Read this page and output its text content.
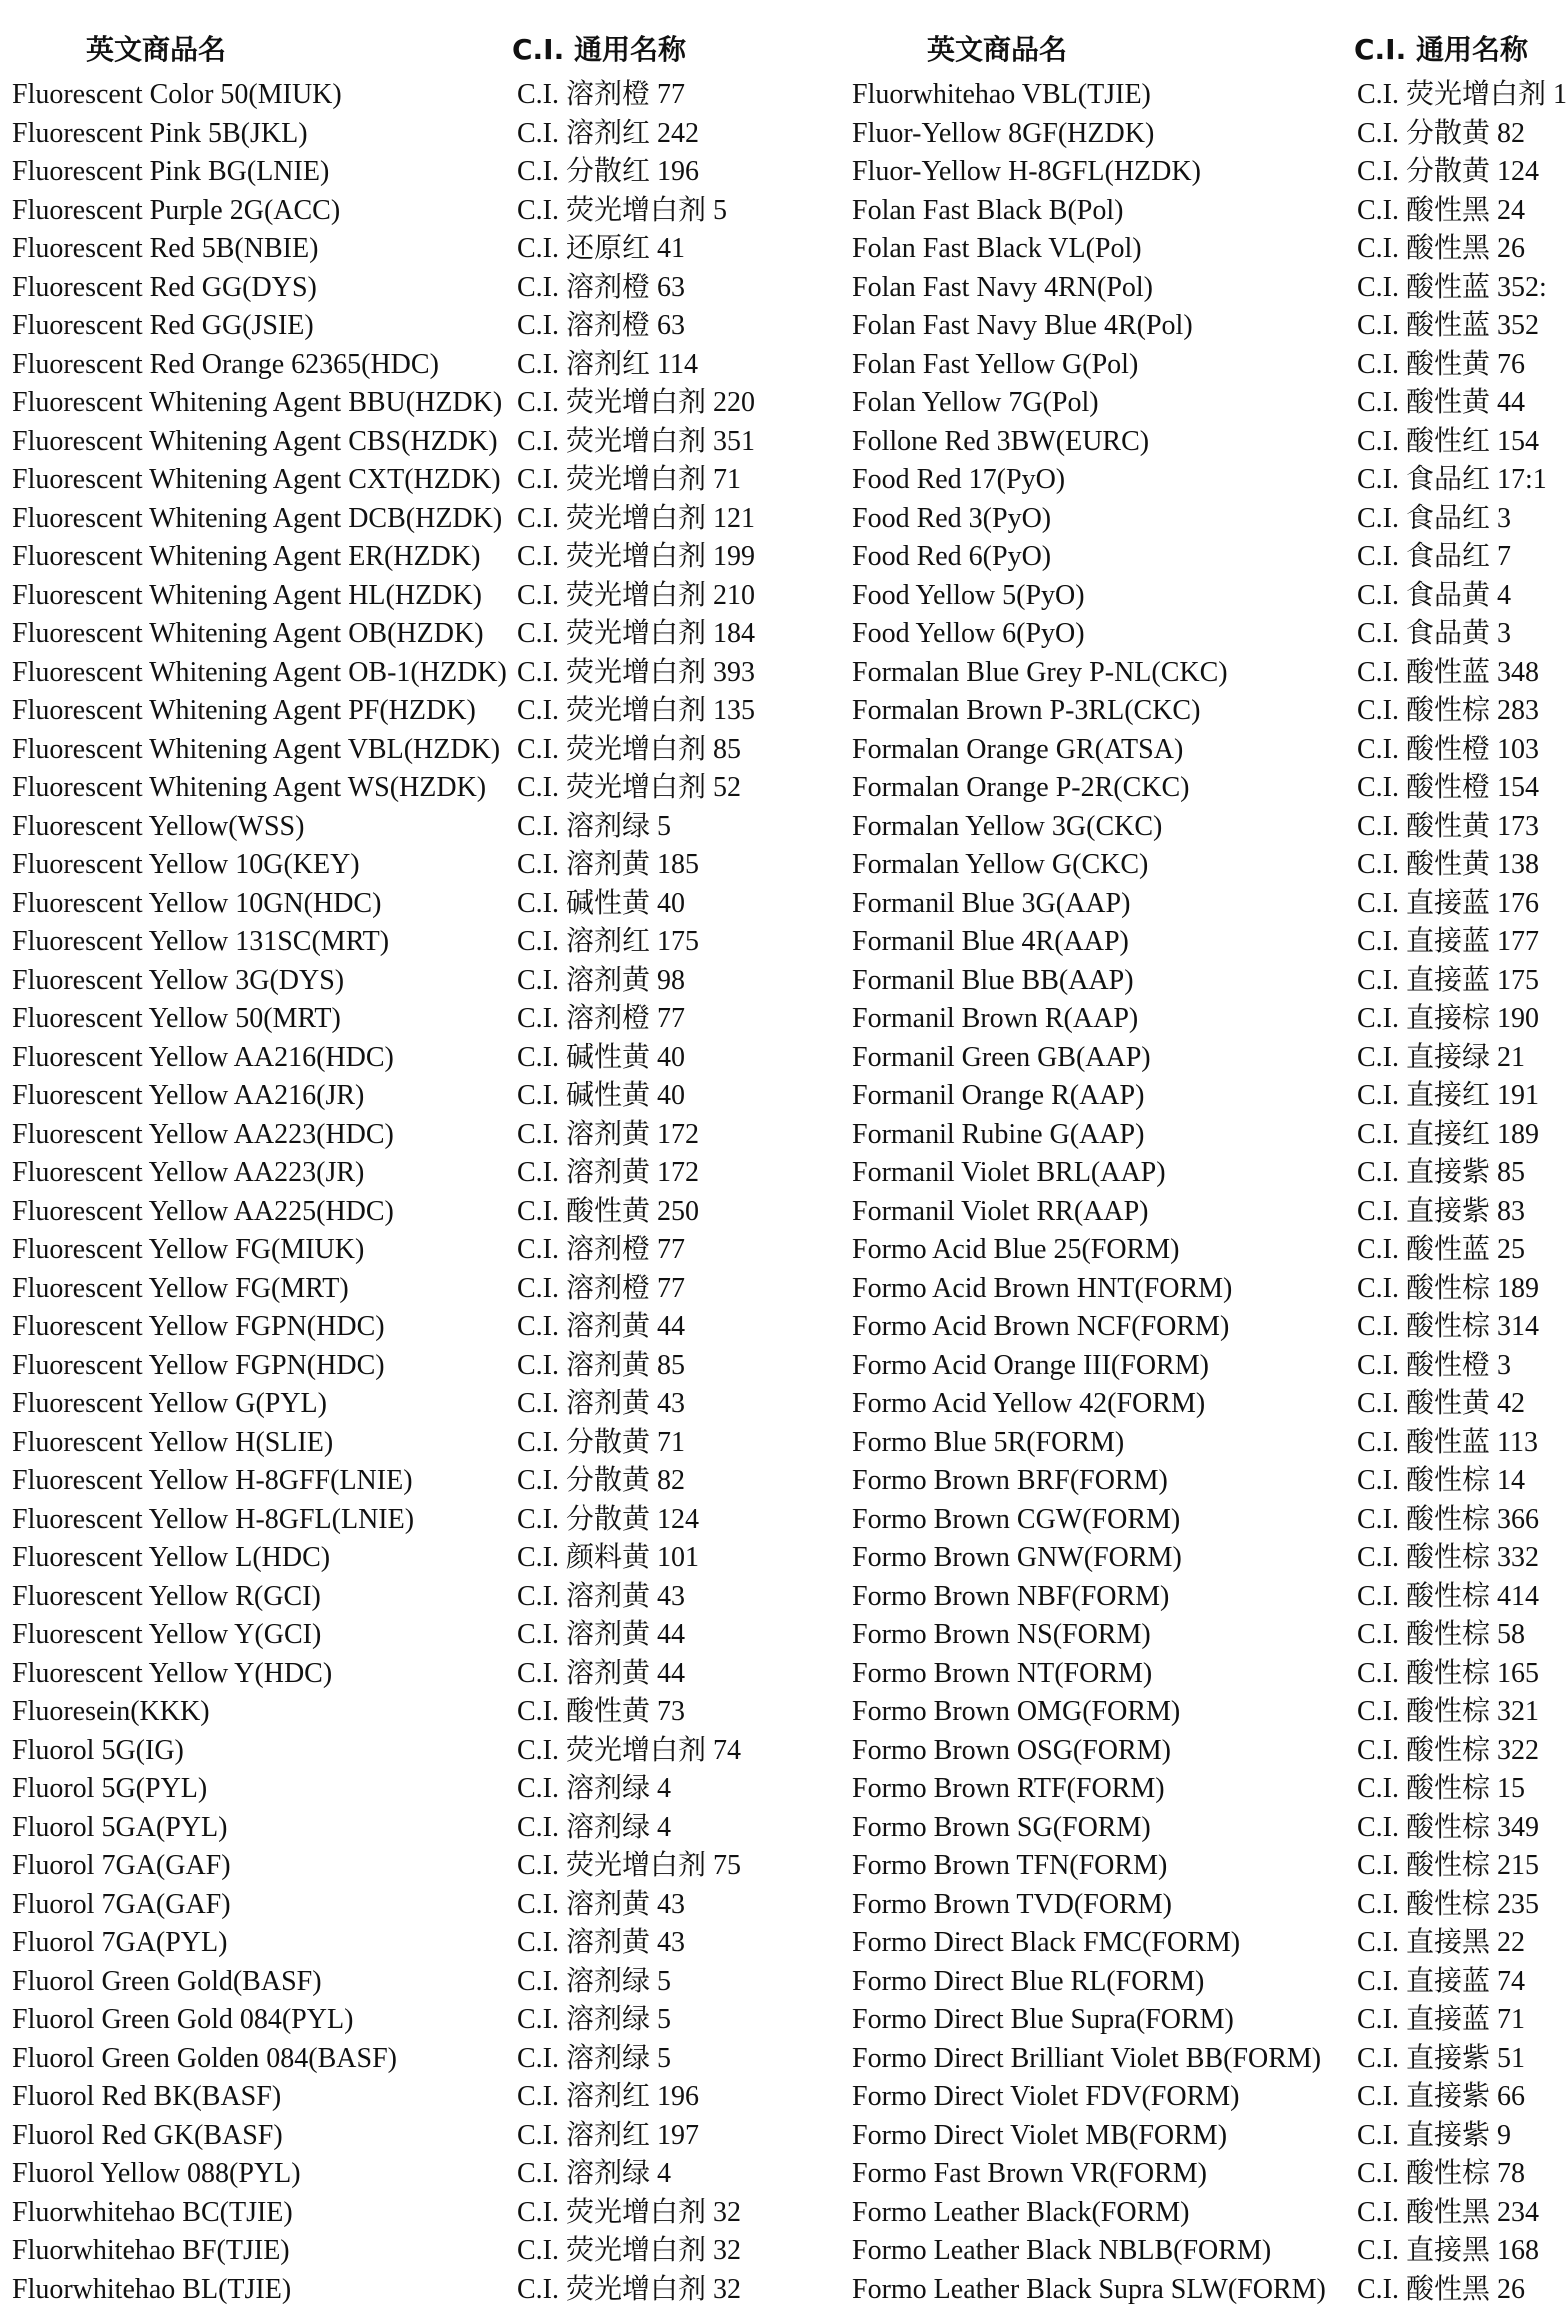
英文商品名	C.I. 通用名称
Fluorescent Color 50(MIUK)	C.I. 溶剂橙 77
Fluorescent Pink 5B(JKL)	C.I. 溶剂红 242
Fluorescent Pink BG(LNIE)	C.I. 分散红 196
Fluorescent Purple 2G(ACC)	C.I. 荧光增白剂 5
Fluorescent Red 5B(NBIE)	C.I. 还原红 41
Fluorescent Red GG(DYS)	C.I. 溶剂橙 63
Fluorescent Red GG(JSIE)	C.I. 溶剂橙 63
Fluorescent Red Orange 62365(HDC)	C.I. 溶剂红 114
Fluorescent Whitening Agent BBU(HZDK) C.I. 荧光增白剂 220
Fluorescent Whitening Agent CBS(HZDK) C.I. 荧光增白剂 351
Fluorescent Whitening Agent CXT(HZDK) C.I. 荧光增白剂 71
Fluorescent Whitening Agent DCB(HZDK) C.I. 荧光增白剂 121
Fluorescent Whitening Agent ER(HZDK) C.I. 荧光增白剂 199
Fluorescent Whitening Agent HL(HZDK) C.I. 荧光增白剂 210
Fluorescent Whitening Agent OB(HZDK) C.I. 荧光增白剂 184
Fluorescent Whitening Agent OB-1(HZDK) C.I. 荧光增白剂 393
Fluorescent Whitening Agent PF(HZDK) C.I. 荧光增白剂 135
Fluorescent Whitening Agent VBL(HZDK) C.I. 荧光增白剂 85
Fluorescent Whitening Agent WS(HZDK) C.I. 荧光增白剂 52
Fluorescent Yellow(WSS)	C.I. 溶剂绿 5
Fluorescent Yellow 10G(KEY)	C.I. 溶剂黄 185
Fluorescent Yellow 10GN(HDC)	C.I. 碱性黄 40
Fluorescent Yellow 131SC(MRT)	C.I. 溶剂红 175
Fluorescent Yellow 3G(DYS)	C.I. 溶剂黄 98
Fluorescent Yellow 50(MRT)	C.I. 溶剂橙 77
Fluorescent Yellow AA216(HDC)	C.I. 碱性黄 40
Fluorescent Yellow AA216(JR)	C.I. 碱性黄 40
Fluorescent Yellow AA223(HDC)	C.I. 溶剂黄 172
Fluorescent Yellow AA223(JR)	C.I. 溶剂黄 172
Fluorescent Yellow AA225(HDC)	C.I. 酸性黄 250
Fluorescent Yellow FG(MIUK)	C.I. 溶剂橙 77
Fluorescent Yellow FG(MRT)	C.I. 溶剂橙 77
Fluorescent Yellow FGPN(HDC)	C.I. 溶剂黄 44
Fluorescent Yellow FGPN(HDC)	C.I. 溶剂黄 85
Fluorescent Yellow G(PYL)	C.I. 溶剂黄 43
Fluorescent Yellow H(SLIE)	C.I. 分散黄 71
Fluorescent Yellow H-8GFF(LNIE)	C.I. 分散黄 82
Fluorescent Yellow H-8GFL(LNIE)	C.I. 分散黄 124
Fluorescent Yellow L(HDC)	C.I. 颜料黄 101
Fluorescent Yellow R(GCI)	C.I. 溶剂黄 43
Fluorescent Yellow Y(GCI)	C.I. 溶剂黄 44
Fluorescent Yellow Y(HDC)	C.I. 溶剂黄 44
Fluoresein(KKK)	C.I. 酸性黄 73
Fluorol 5G(IG)	C.I. 荧光增白剂 74
Fluorol 5G(PYL)	C.I. 溶剂绿 4
Fluorol 5GA(PYL)	C.I. 溶剂绿 4
Fluorol 7GA(GAF)	C.I. 荧光增白剂 75
Fluorol 7GA(GAF)	C.I. 溶剂黄 43
Fluorol 7GA(PYL)	C.I. 溶剂黄 43
Fluorol Green Gold(BASF)	C.I. 溶剂绿 5
Fluorol Green Gold 084(PYL)	C.I. 溶剂绿 5
Fluorol Green Golden 084(BASF)	C.I. 溶剂绿 5
Fluorol Red BK(BASF)	C.I. 溶剂红 196
Fluorol Red GK(BASF)	C.I. 溶剂红 197
Fluorol Yellow 088(PYL)	C.I. 溶剂绿 4
Fluorwhitehao BC(TJIE)	C.I. 荧光增白剂 32
Fluorwhitehao BF(TJIE)	C.I. 荧光增白剂 32
Fluorwhitehao BL(TJIE)	C.I. 荧光增白剂 32
英文商品名	C.I. 通用名称
Fluorwhitehao VBL(TJIE)	C.I. 荧光增白剂 1
Fluor-Yellow 8GF(HZDK)	C.I. 分散黄 82
Fluor-Yellow H-8GFL(HZDK)	C.I. 分散黄 124
Folan Fast Black B(Pol)	C.I. 酸性黑 24
Folan Fast Black VL(Pol)	C.I. 酸性黑 26
Folan Fast Navy 4RN(Pol)	C.I. 酸性蓝 352:
Folan Fast Navy Blue 4R(Pol)	C.I. 酸性蓝 352
Folan Fast Yellow G(Pol)	C.I. 酸性黄 76
Folan Yellow 7G(Pol)	C.I. 酸性黄 44
Follone Red 3BW(EURC)	C.I. 酸性红 154
Food Red 17(PyO)	C.I. 食品红 17:1
Food Red 3(PyO)	C.I. 食品红 3
Food Red 6(PyO)	C.I. 食品红 7
Food Yellow 5(PyO)	C.I. 食品黄 4
Food Yellow 6(PyO)	C.I. 食品黄 3
Formalan Blue Grey P-NL(CKC)	C.I. 酸性蓝 348
Formalan Brown P-3RL(CKC)	C.I. 酸性棕 283
Formalan Orange GR(ATSA)	C.I. 酸性橙 103
Formalan Orange P-2R(CKC)	C.I. 酸性橙 154
Formalan Yellow 3G(CKC)	C.I. 酸性黄 173
Formalan Yellow G(CKC)	C.I. 酸性黄 138
Formanil Blue 3G(AAP)	C.I. 直接蓝 176
Formanil Blue 4R(AAP)	C.I. 直接蓝 177
Formanil Blue BB(AAP)	C.I. 直接蓝 175
Formanil Brown R(AAP)	C.I. 直接棕 190
Formanil Green GB(AAP)	C.I. 直接绿 21
Formanil Orange R(AAP)	C.I. 直接红 191
Formanil Rubine G(AAP)	C.I. 直接红 189
Formanil Violet BRL(AAP)	C.I. 直接紫 85
Formanil Violet RR(AAP)	C.I. 直接紫 83
Formo Acid Blue 25(FORM)	C.I. 酸性蓝 25
Formo Acid Brown HNT(FORM)	C.I. 酸性棕 189
Formo Acid Brown NCF(FORM)	C.I. 酸性棕 314
Formo Acid Orange III(FORM)	C.I. 酸性橙 3
Formo Acid Yellow 42(FORM)	C.I. 酸性黄 42
Formo Blue 5R(FORM)	C.I. 酸性蓝 113
Formo Brown BRF(FORM)	C.I. 酸性棕 14
Formo Brown CGW(FORM)	C.I. 酸性棕 366
Formo Brown GNW(FORM)	C.I. 酸性棕 332
Formo Brown NBF(FORM)	C.I. 酸性棕 414
Formo Brown NS(FORM)	C.I. 酸性棕 58
Formo Brown NT(FORM)	C.I. 酸性棕 165
Formo Brown OMG(FORM)	C.I. 酸性棕 321
Formo Brown OSG(FORM)	C.I. 酸性棕 322
Formo Brown RTF(FORM)	C.I. 酸性棕 15
Formo Brown SG(FORM)	C.I. 酸性棕 349
Formo Brown TFN(FORM)	C.I. 酸性棕 215
Formo Brown TVD(FORM)	C.I. 酸性棕 235
Formo Direct Black FMC(FORM)	C.I. 直接黑 22
Formo Direct Blue RL(FORM)	C.I. 直接蓝 74
Formo Direct Blue Supra(FORM)	C.I. 直接蓝 71
Formo Direct Brilliant Violet BB(FORM) C.I. 直接紫 51
Formo Direct Violet FDV(FORM)	C.I. 直接紫 66
Formo Direct Violet MB(FORM)	C.I. 直接紫 9
Formo Fast Brown VR(FORM)	C.I. 酸性棕 78
Formo Leather Black(FORM)	C.I. 酸性黑 234
Formo Leather Black NBLB(FORM)	C.I. 直接黑 168
Formo Leather Black Supra SLW(FORM) C.I. 酸性黑 26
